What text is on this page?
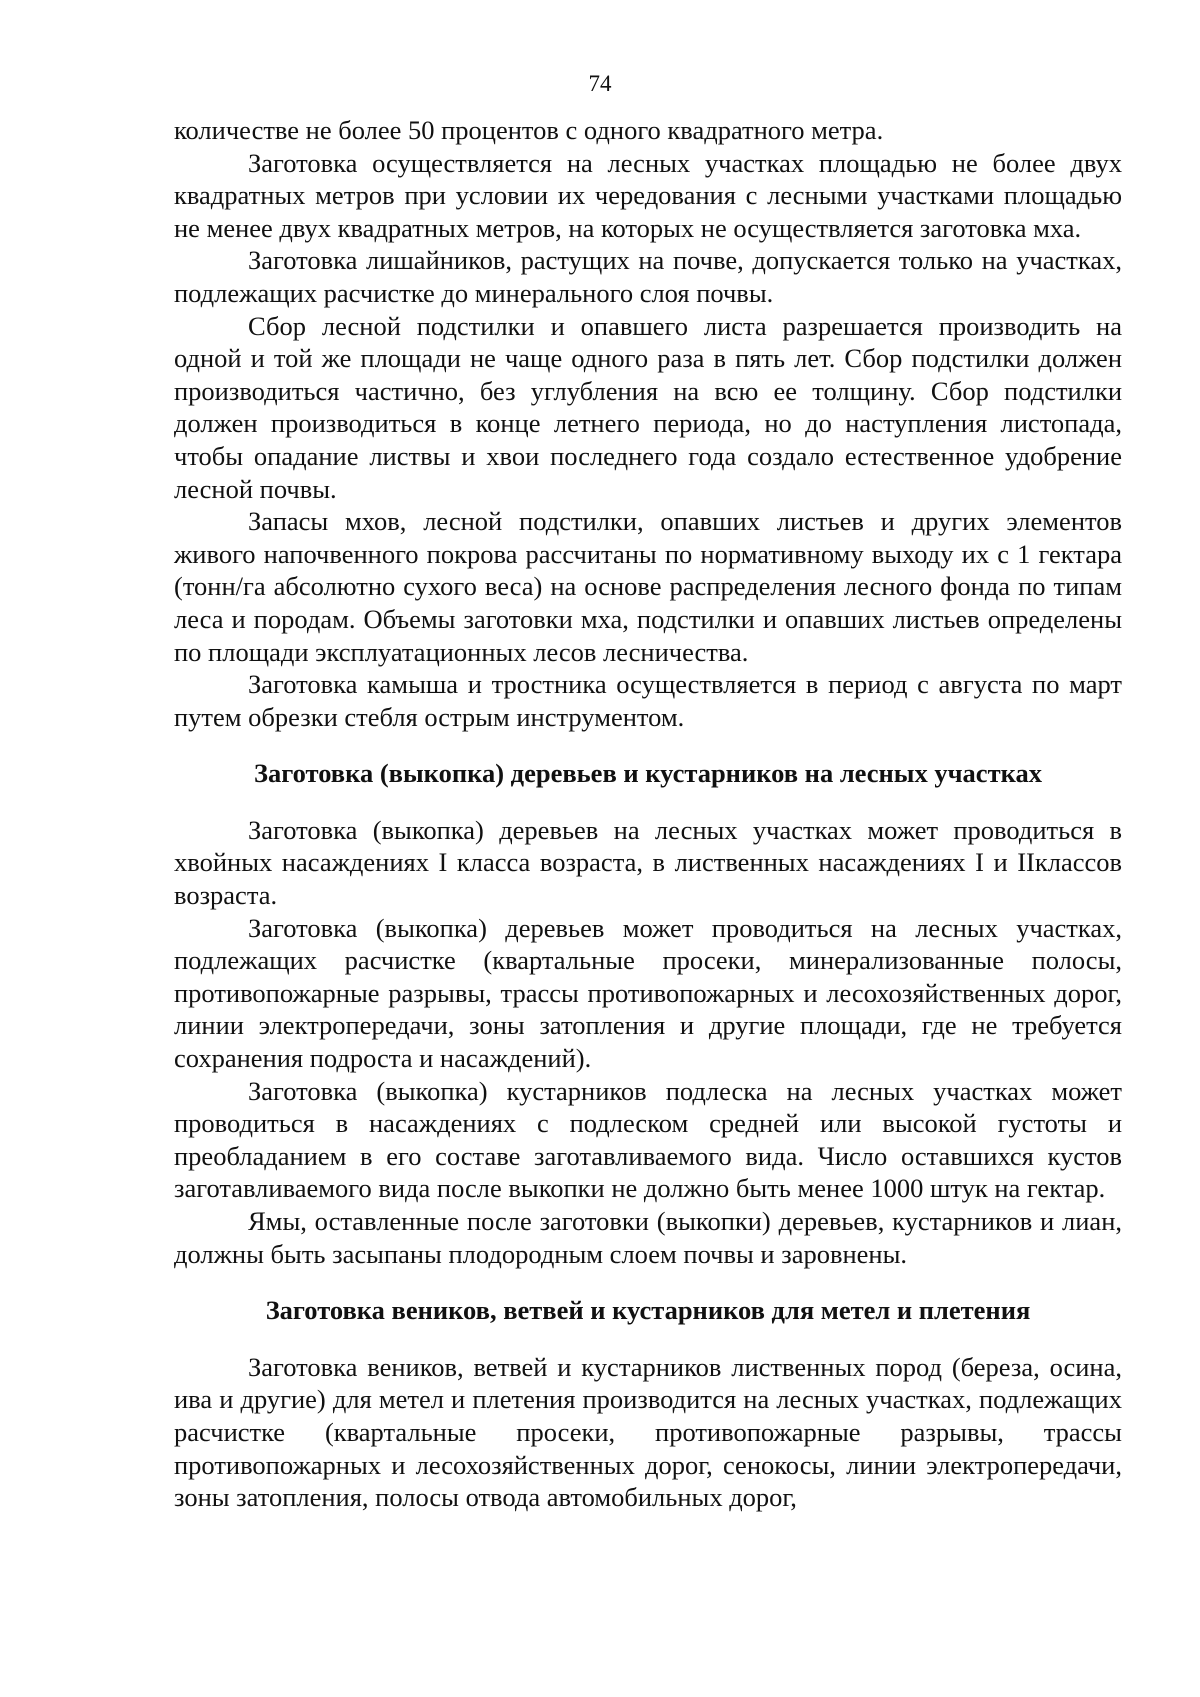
74

количестве не более 50 процентов с одного квадратного метра.

Заготовка осуществляется на лесных участках площадью не более двух квадратных метров при условии их чередования с лесными участками площадью не менее двух квадратных метров, на которых не осуществляется заготовка мха.

Заготовка лишайников, растущих на почве, допускается только на участках, подлежащих расчистке до минерального слоя почвы.

Сбор лесной подстилки и опавшего листа разрешается производить на одной и той же площади не чаще одного раза в пять лет. Сбор подстилки должен производиться частично, без углубления на всю ее толщину. Сбор подстилки должен производиться в конце летнего периода, но до наступления листопада, чтобы опадание листвы и хвои последнего года создало естественное удобрение лесной почвы.

Запасы мхов, лесной подстилки, опавших листьев и других элементов живого напочвенного покрова рассчитаны по нормативному выходу их с 1 гектара (тонн/га абсолютно сухого веса) на основе распределения лесного фонда по типам леса и породам. Объемы заготовки мха, подстилки и опавших листьев определены по площади эксплуатационных лесов лесничества.

Заготовка камыша и тростника осуществляется в период с августа по март путем обрезки стебля острым инструментом.

Заготовка (выкопка) деревьев и кустарников на лесных участках

Заготовка (выкопка) деревьев на лесных участках может проводиться в хвойных насаждениях I класса возраста, в лиственных насаждениях I и IIклассов возраста.

Заготовка (выкопка) деревьев может проводиться на лесных участках, подлежащих расчистке (квартальные просеки, минерализованные полосы, противопожарные разрывы, трассы противопожарных и лесохозяйственных дорог, линии электропередачи, зоны затопления и другие площади, где не требуется сохранения подроста и насаждений).

Заготовка (выкопка) кустарников подлеска на лесных участках может проводиться в насаждениях с подлеском средней или высокой густоты и преобладанием в его составе заготавливаемого вида. Число оставшихся кустов заготавливаемого вида после выкопки не должно быть менее 1000 штук на гектар.

Ямы, оставленные после заготовки (выкопки) деревьев, кустарников и лиан, должны быть засыпаны плодородным слоем почвы и заровнены.

Заготовка веников, ветвей и кустарников для метел и плетения

Заготовка веников, ветвей и кустарников лиственных пород (береза, осина, ива и другие) для метел и плетения производится на лесных участках, подлежащих расчистке (квартальные просеки, противопожарные разрывы, трассы противопожарных и лесохозяйственных дорог, сенокосы, линии электропередачи, зоны затопления, полосы отвода автомобильных дорог,
